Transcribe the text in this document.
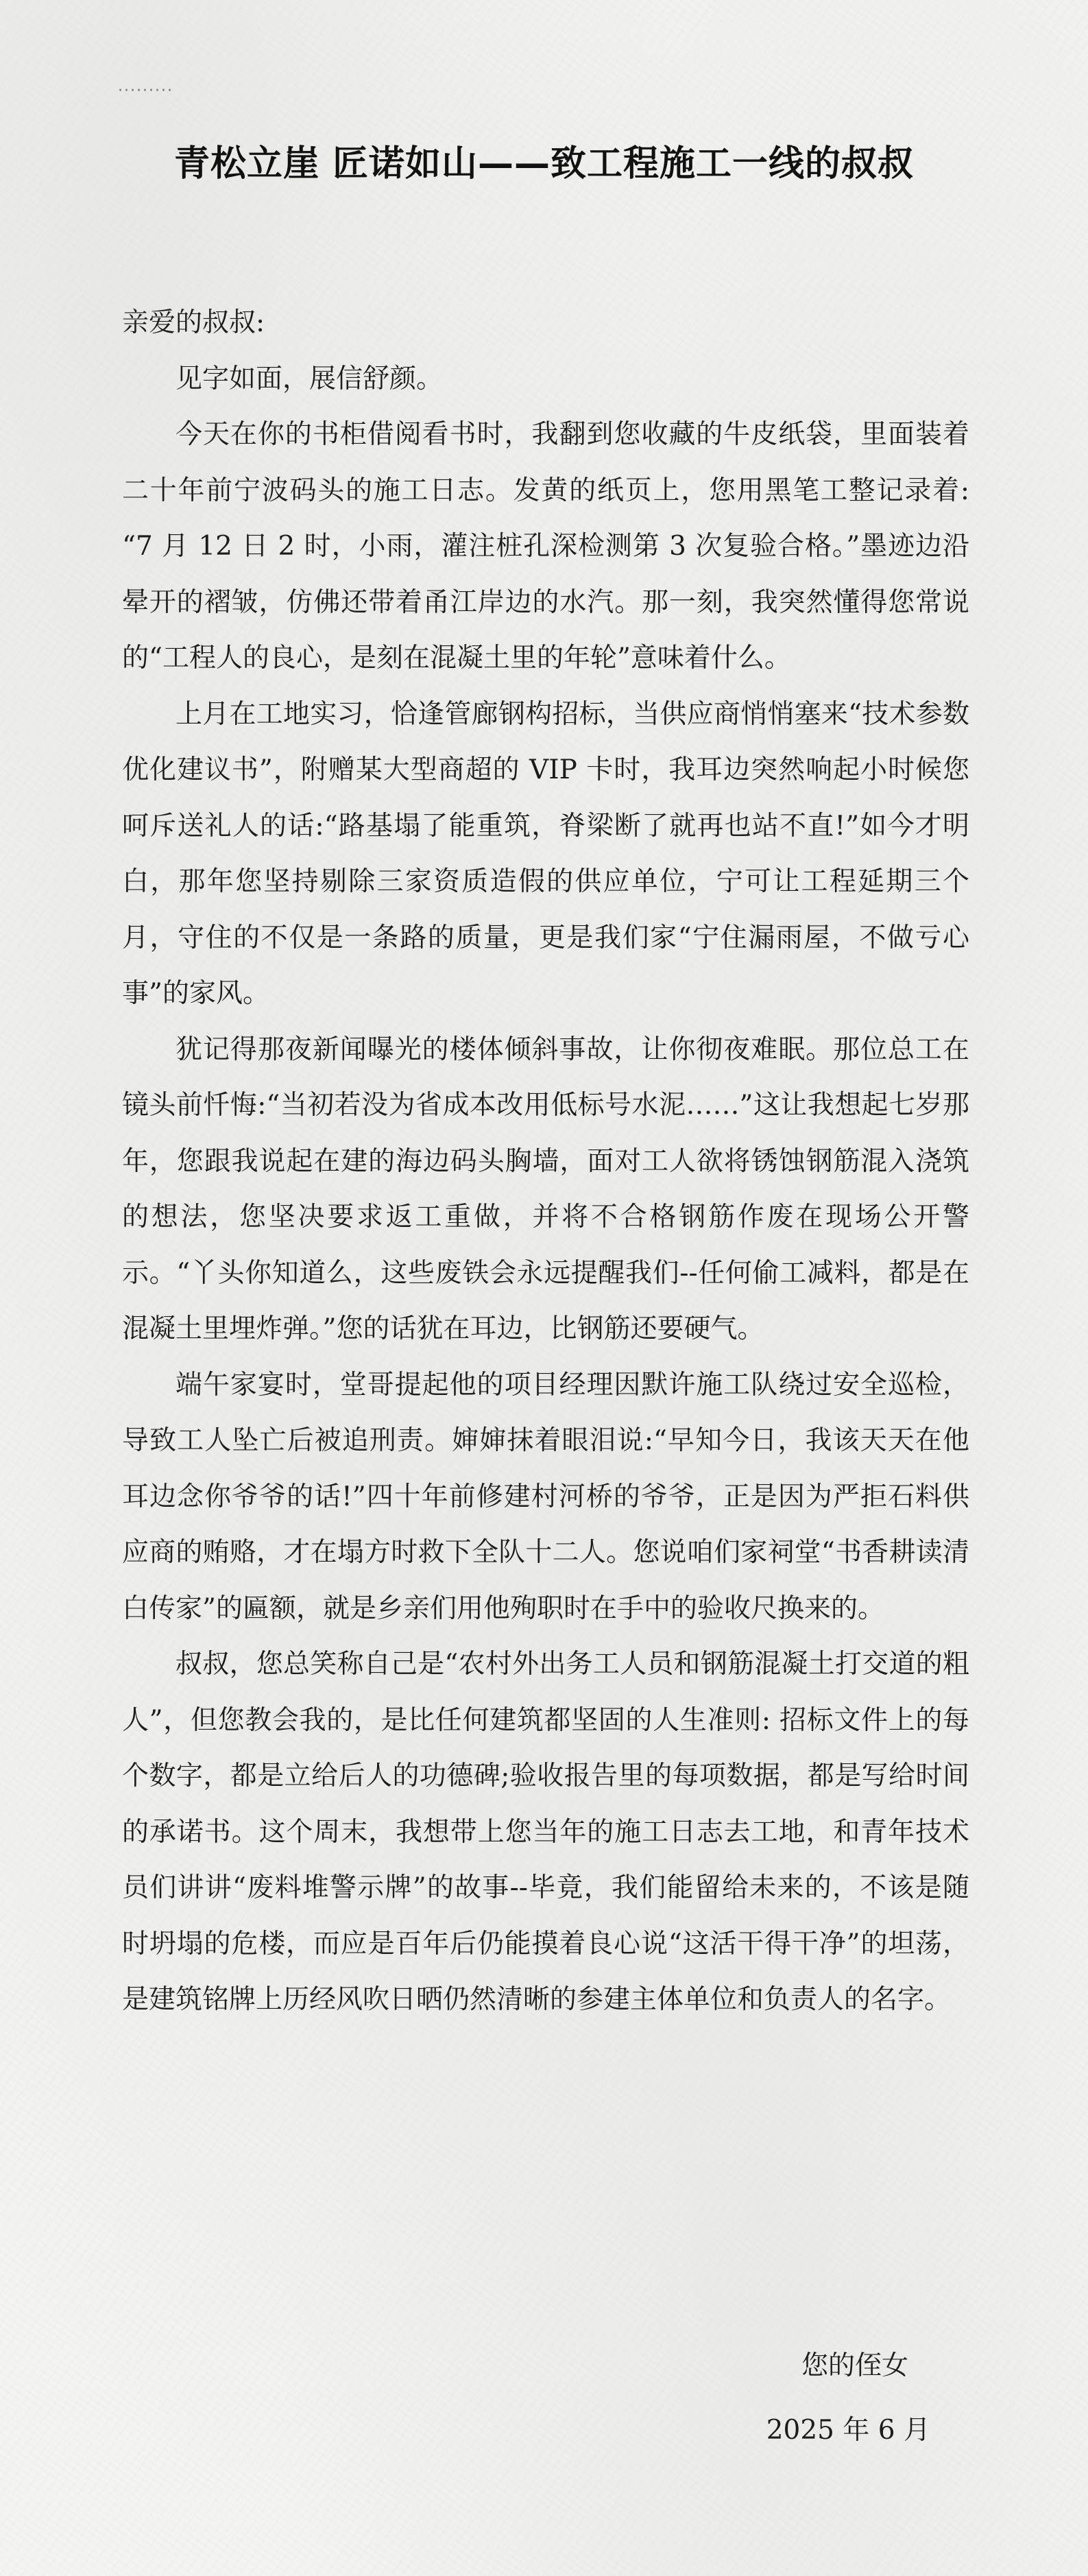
·········
青松立崖 匠诺如山——致工程施工一线的叔叔

亲爱的叔叔:

见字如面，展信舒颜。

今天在你的书柜借阅看书时，我翻到您收藏的牛皮纸袋，里面装着二十年前宁波码头的施工日志。发黄的纸页上，您用黑笔工整记录着: “7 月 12 日 2 时，小雨，灌注桩孔深检测第 3 次复验合格。”墨迹边沿晕开的褶皱，仿佛还带着甬江岸边的水汽。那一刻，我突然懂得您常说的“工程人的良心，是刻在混凝土里的年轮”意味着什么。

上月在工地实习，恰逢管廊钢构招标，当供应商悄悄塞来“技术参数优化建议书”，附赠某大型商超的 VIP 卡时，我耳边突然响起小时候您呵斥送礼人的话:“路基塌了能重筑，脊梁断了就再也站不直!”如今才明白，那年您坚持剔除三家资质造假的供应单位，宁可让工程延期三个月，守住的不仅是一条路的质量，更是我们家“宁住漏雨屋，不做亏心事”的家风。

犹记得那夜新闻曝光的楼体倾斜事故，让你彻夜难眠。那位总工在镜头前忏悔:“当初若没为省成本改用低标号水泥……”这让我想起七岁那年，您跟我说起在建的海边码头胸墙，面对工人欲将锈蚀钢筋混入浇筑的想法，您坚决要求返工重做，并将不合格钢筋作废在现场公开警示。“丫头你知道么，这些废铁会永远提醒我们--任何偷工减料，都是在混凝土里埋炸弹。”您的话犹在耳边，比钢筋还要硬气。

端午家宴时，堂哥提起他的项目经理因默许施工队绕过安全巡检，导致工人坠亡后被追刑责。婶婶抹着眼泪说:“早知今日，我该天天在他耳边念你爷爷的话!”四十年前修建村河桥的爷爷，正是因为严拒石料供应商的贿赂，才在塌方时救下全队十二人。您说咱们家祠堂“书香耕读清白传家”的匾额，就是乡亲们用他殉职时在手中的验收尺换来的。

叔叔，您总笑称自己是“农村外出务工人员和钢筋混凝土打交道的粗人”，但您教会我的，是比任何建筑都坚固的人生准则: 招标文件上的每个数字，都是立给后人的功德碑;验收报告里的每项数据，都是写给时间的承诺书。这个周末，我想带上您当年的施工日志去工地，和青年技术员们讲讲“废料堆警示牌”的故事--毕竟，我们能留给未来的，不该是随时坍塌的危楼，而应是百年后仍能摸着良心说“这活干得干净”的坦荡，是建筑铭牌上历经风吹日晒仍然清晰的参建主体单位和负责人的名字。

您的侄女
2025 年 6 月
